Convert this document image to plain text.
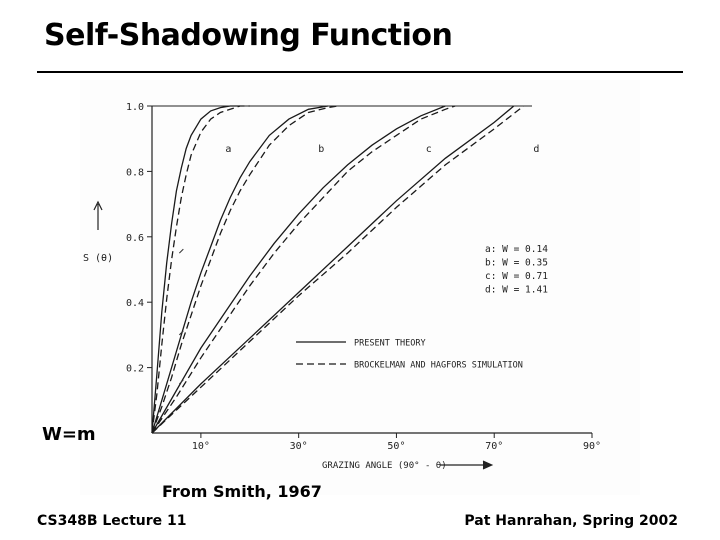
Self-Shadowing Function
0.2
0.4
0.6
0.8
1.0
10°	30°	50°	70°	90°
S (θ)
GRAZING ANGLE (90° - θ)
a	b	c	d
a: W = 0.14
b: W = 0.35
c: W = 0.71
d: W = 1.41
PRESENT THEORY
BROCKELMAN AND HAGFORS SIMULATION
W=m
From Smith, 1967
CS348B Lecture 11	Pat Hanrahan, Spring 2002
